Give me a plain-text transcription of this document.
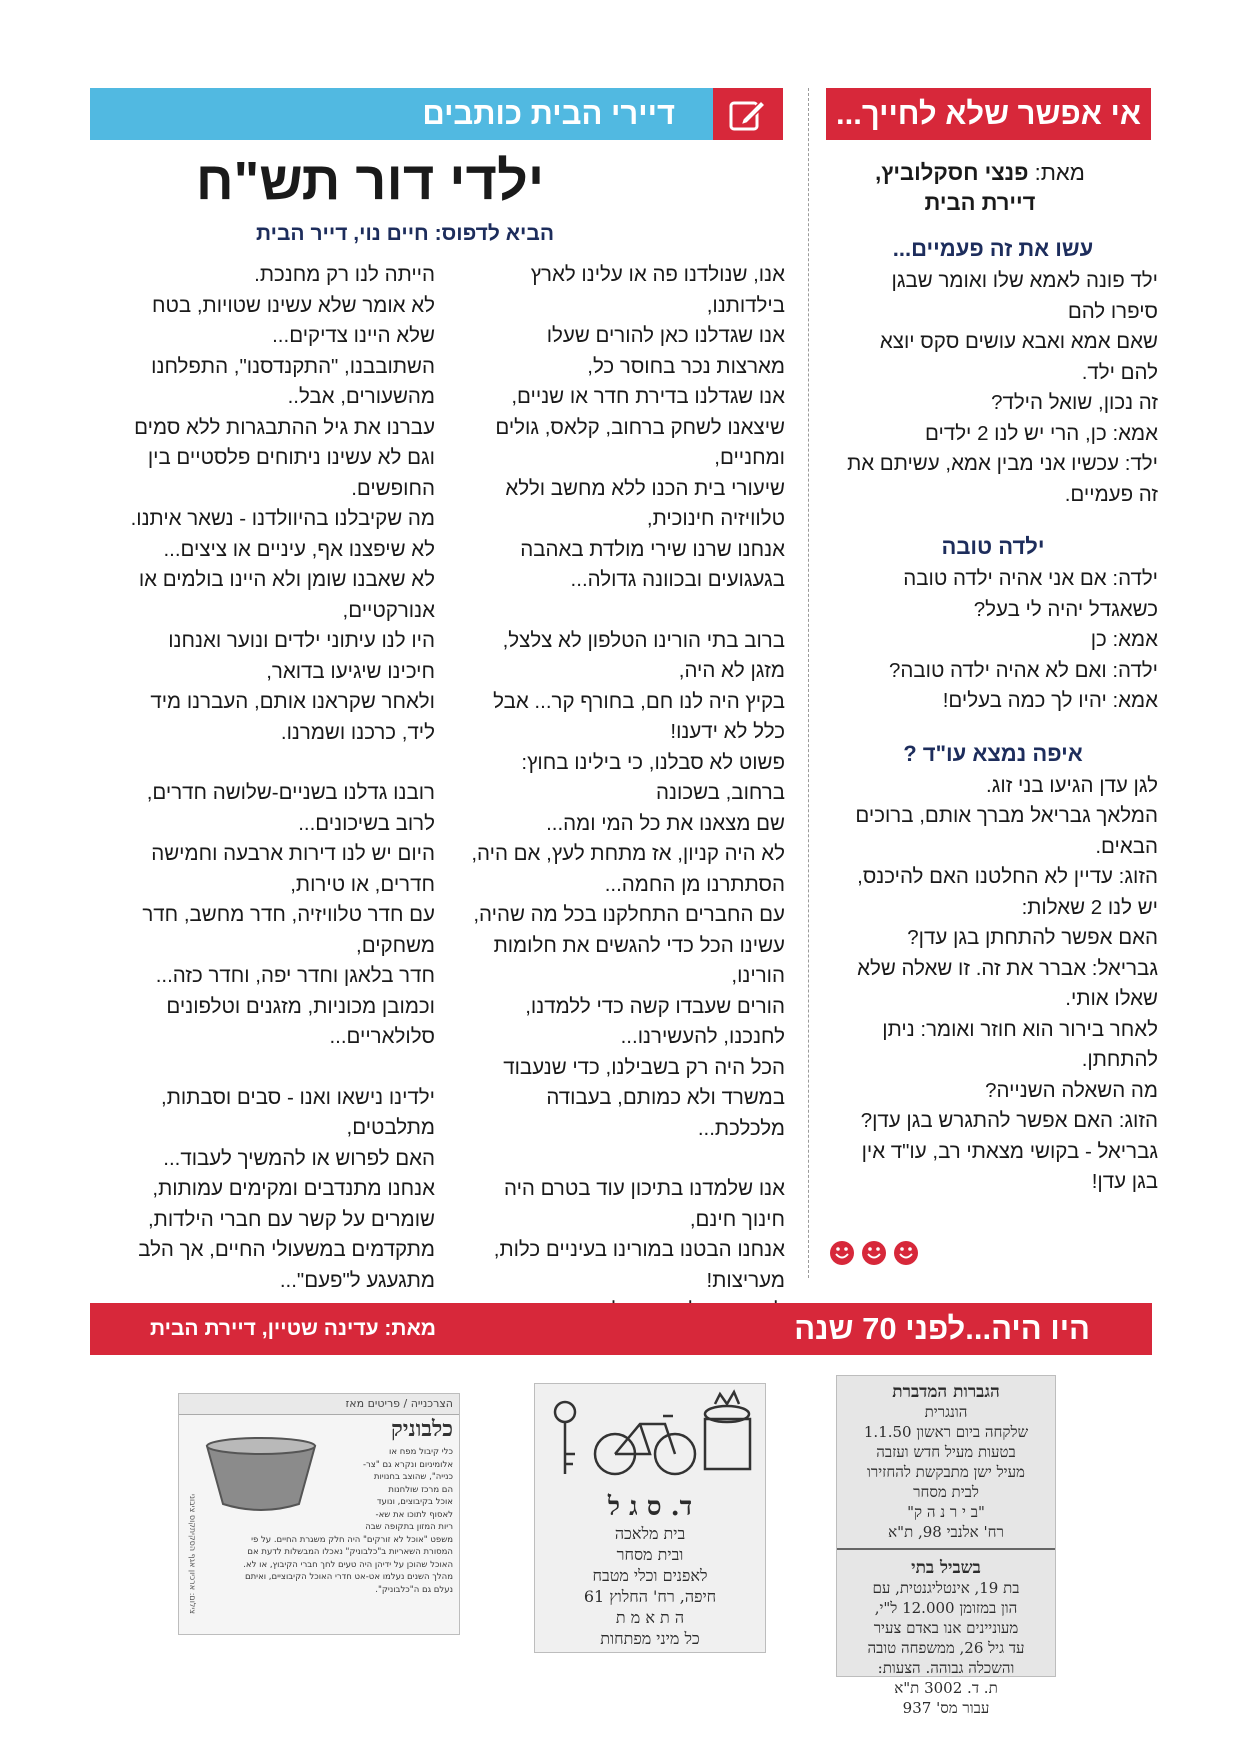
אי אפשר שלא לחייך...
מאת: פנצי חסקלוביץ,
דיירת הבית
עשו את זה פעמיים...
ילד פונה לאמא שלו ואומר שבגן
סיפרו להם
שאם אמא ואבא עושים סקס יוצא
להם ילד.
זה נכון, שואל הילד?
אמא: כן, הרי יש לנו 2 ילדים
ילד: עכשיו אני מבין אמא, עשיתם את
זה פעמיים.
ילדה טובה
ילדה: אם אני אהיה ילדה טובה
כשאגדל יהיה לי בעל?
אמא: כן
ילדה: ואם לא אהיה ילדה טובה?
אמא: יהיו לך כמה בעלים!
איפה נמצא עו"ד ?
לגן עדן הגיעו בני זוג.
המלאך גבריאל מברך אותם, ברוכים
הבאים.
הזוג: עדיין לא החלטנו האם להיכנס,
יש לנו 2 שאלות:
האם אפשר להתחתן בגן עדן?
גבריאל: אברר את זה. זו שאלה שלא
שאלו אותי.
לאחר בירור הוא חוזר ואומר: ניתן
להתחתן.
מה השאלה השנייה?
הזוג: האם אפשר להתגרש בגן עדן?
גבריאל - בקושי מצאתי רב, עו"ד אין
בגן עדן!
דיירי הבית כותבים
ילדי דור תש"ח
הביא לדפוס: חיים נוי, דייר הבית
אנו, שנולדנו פה או עלינו לארץ
בילדותנו,
אנו שגדלנו כאן להורים שעלו
מארצות נכר בחוסר כל,
אנו שגדלנו בדירת חדר או שניים,
שיצאנו לשחק ברחוב, קלאס, גולים
ומחניים,
שיעורי בית הכנו ללא מחשב וללא
טלוויזיה חינוכית,
אנחנו שרנו שירי מולדת באהבה
בגעגועים ובכוונה גדולה...
ברוב בתי הורינו הטלפון לא צלצל,
מזגן לא היה,
בקיץ היה לנו חם, בחורף קר... אבל
כלל לא ידענו!
פשוט לא סבלנו, כי בילינו בחוץ:
ברחוב, בשכונה
שם מצאנו את כל המי ומה...
לא היה קניון, אז מתחת לעץ, אם היה,
הסתתרנו מן החמה...
עם החברים התחלקנו בכל מה שהיה,
עשינו הכל כדי להגשים את חלומות
הורינו,
הורים שעבדו קשה כדי ללמדנו,
לחנכנו, להעשירנו...
הכל היה רק בשבילנו, כדי שנעבוד
במשרד ולא כמותם, בעבודה מלכלכת...
אנו שלמדנו בתיכון עוד בטרם היה
חינוך חינם,
אנחנו הבטנו במורינו בעיניים כלות,
מעריצות!
הייתה לנו רק מחנכת.
לא אומר שלא עשינו שטויות, בטח
שלא היינו צדיקים...
השתובבנו, "התקנדסנו", התפלחנו
מהשעורים, אבל..
עברנו את גיל ההתבגרות ללא סמים
וגם לא עשינו ניתוחים פלסטיים בין
החופשים.
מה שקיבלנו בהיוולדנו - נשאר איתנו.
לא שיפצנו אף, עיניים או ציצים...
לא שאבנו שומן ולא היינו בולמים או
אנורקטיים,
היו לנו עיתוני ילדים ונוער ואנחנו
חיכינו שיגיעו בדואר,
ולאחר שקראנו אותם, העברנו מיד
ליד, כרכנו ושמרנו.
רובנו גדלנו בשניים-שלושה חדרים,
לרוב בשיכונים...
היום יש לנו דירות ארבעה וחמישה
חדרים, או טירות,
עם חדר טלוויזיה, חדר מחשב, חדר
משחקים,
חדר בלאגן וחדר יפה, וחדר כזה...
וכמובן מכוניות, מזגנים וטלפונים
סלולאריים...
ילדינו נישאו ואנו - סבים וסבתות,
מתלבטים,
האם לפרוש או להמשיך לעבוד...
אנחנו מתנדבים ומקימים עמותות,
שומרים על קשר עם חברי הילדות,
מתקדמים במשעולי החיים, אך הלב
מתגעגע ל"פעם"...
היו היה...לפני 70 שנה
מאת: עדינה שטיין, דיירת הבית
הגברות המדברת
הונגרית
שלקחה ביום ראשון 1.1.50
בטעות מעיל חדש ועזבה
מעיל ישן מתבקשת להחזירו
לבית מסחר
"ב י ר נ ה ק"
רח' אלנבי 98, ת"א
בשביל בתי
בת 19, אינטליגנטית, עם
הון במזומן 12.000 ל"י,
מעוניינים אנו באדם צעיר
עד גיל 26, ממשפחה טובה
והשכלה גבוהה. הצעות:
ת. ד. 3002 ת"א
עבור מס' 937
ד. ס ג ל
בית מלאכה
ובית מסחר
לאפנים וכלי מטבח
חיפה, רח' החלוץ 61
ה ת א מ ת
כל מיני מפתחות
הצרכנייה / פריטים מאז
כלבוניק
צילום: ארכיון אגף הסקיתקוס ציבוני
כלי קיבול מפח או
אלומיניום ונקרא גם "צר-
כנייה", שהוצב בחנויות
הם מרכז שולחנות
אוכל בקיבוצים, ונועד
לאסוף לתוכו את שא-
ריות המזון בתקופה שבה
משפט "אוכל לא זורקים" היה חלק משגרת החיים. על פי
המסורת השאריות ב"כלבוניק" נאכלו המבשלות לדעת אם
האוכל שהוכן על ידיהן היה טעים לחך חברי הקיבוץ, או לא.
מהלך השנים נעלמו אט-אט חדרי האוכל הקיבוציים, ואיתם
נעלם גם ה"כלבוניק".
